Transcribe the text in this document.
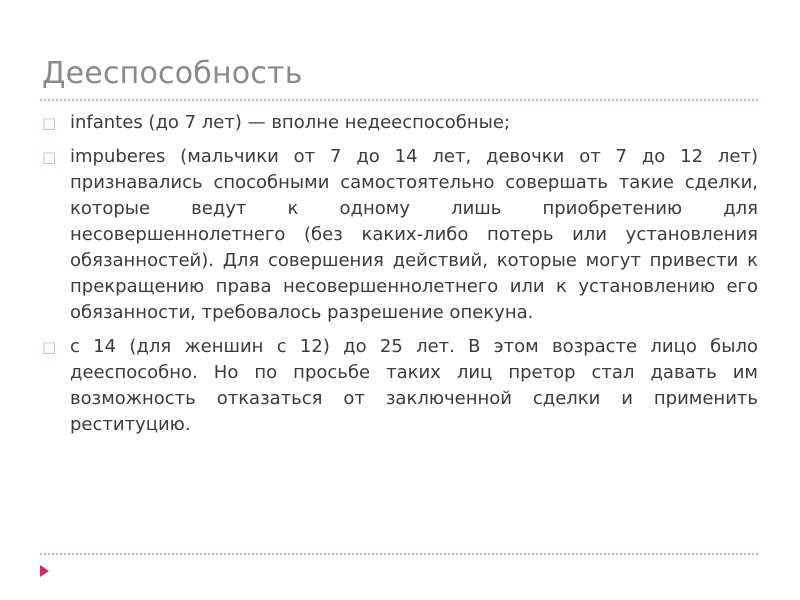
Дееспособность
□ infantes (до 7 лет) — вполне недееспособные;
□ impuberes (мальчики от 7 до 14 лет, девочки от 7 до 12 лет) признавались способными самостоятельно совершать такие сделки, которые ведут к одному лишь приобретению для несовершеннолетнего (без каких-либо потерь или установления обязанностей). Для совершения действий, которые могут привести к прекращению права несовершеннолетнего или к установлению его обязанности, требовалось разрешение опекуна.
□ с 14 (для женшин с 12) до 25 лет. В этом возрасте лицо было дееспособно. Но по просьбе таких лиц претор стал давать им возможность отказаться от заключенной сделки и применить реституцию.
